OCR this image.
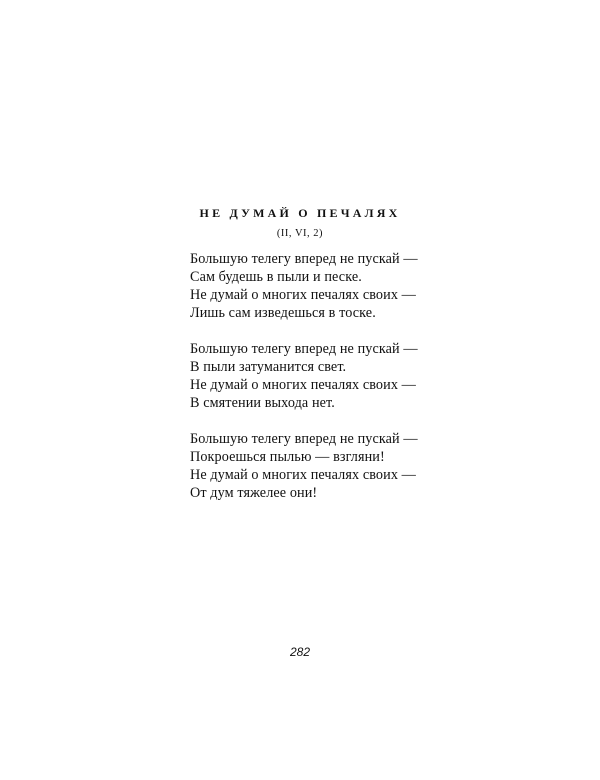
НЕ ДУМАЙ О ПЕЧАЛЯХ
(II, VI, 2)
Большую телегу вперед не пускай —
Сам будешь в пыли и песке.
Не думай о многих печалях своих —
Лишь сам изведешься в тоске.
Большую телегу вперед не пускай —
В пыли затуманится свет.
Не думай о многих печалях своих —
В смятении выхода нет.
Большую телегу вперед не пускай —
Покроешься пылью — взгляни!
Не думай о многих печалях своих —
От дум тяжелее они!
282
